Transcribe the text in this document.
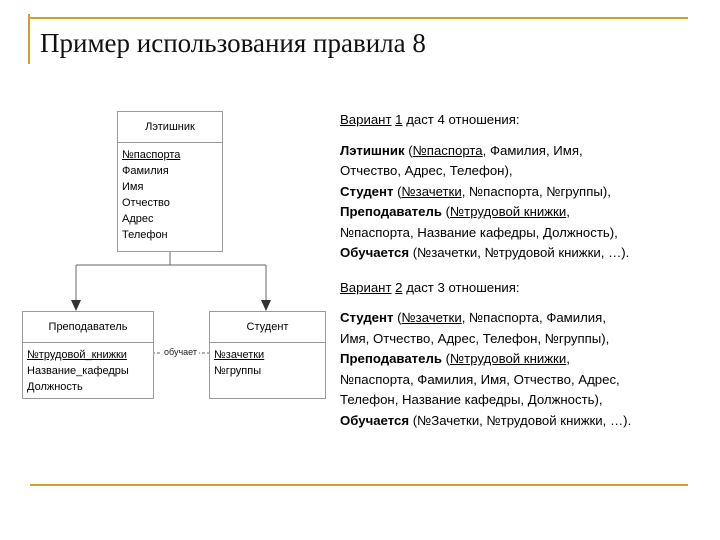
Пример использования правила 8
Лэтишник
№паспорта
Фамилия
Имя
Отчество
Адрес
Телефон
Преподаватель
№трудовой_книжки
Название_кафедры
Должность
Студент
№зачетки
№группы
обучает
Вариант 1 даст 4 отношения:
Лэтишник (№паспорта, Фамилия, Имя,
Отчество, Адрес, Телефон),
Студент (№зачетки, №паспорта, №группы),
Преподаватель (№трудовой книжки,
№паспорта, Название кафедры, Должность),
Обучается (№зачетки, №трудовой книжки, …).
Вариант 2 даст 3 отношения:
Студент (№зачетки, №паспорта, Фамилия,
Имя, Отчество, Адрес, Телефон, №группы),
Преподаватель (№трудовой книжки,
№паспорта, Фамилия, Имя, Отчество, Адрес,
Телефон, Название кафедры, Должность),
Обучается (№Зачетки, №трудовой книжки, …).
